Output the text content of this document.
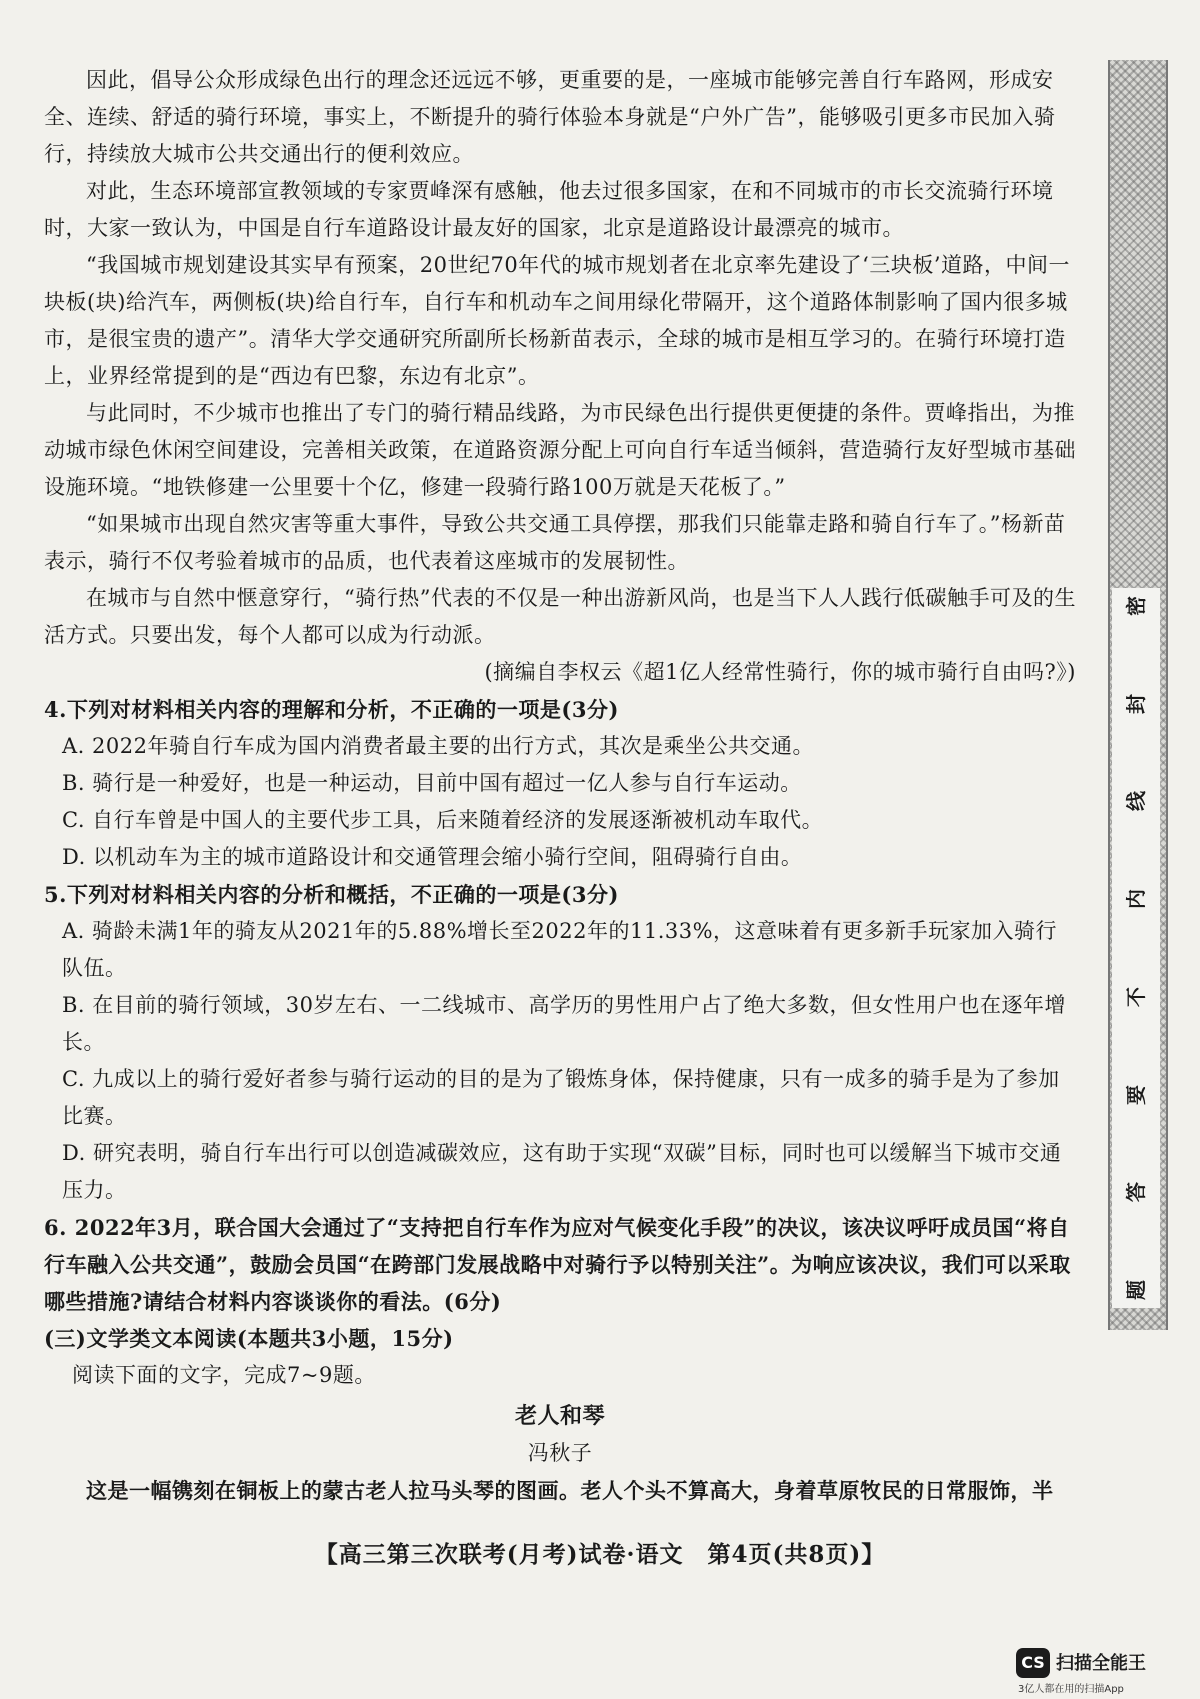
因此，倡导公众形成绿色出行的理念还远远不够，更重要的是，一座城市能够完善自行车路网，形成安全、连续、舒适的骑行环境，事实上，不断提升的骑行体验本身就是“户外广告”，能够吸引更多市民加入骑行，持续放大城市公共交通出行的便利效应。

对此，生态环境部宣教领域的专家贾峰深有感触，他去过很多国家，在和不同城市的市长交流骑行环境时，大家一致认为，中国是自行车道路设计最友好的国家，北京是道路设计最漂亮的城市。

“我国城市规划建设其实早有预案，20世纪70年代的城市规划者在北京率先建设了‘三块板’道路，中间一块板(块)给汽车，两侧板(块)给自行车，自行车和机动车之间用绿化带隔开，这个道路体制影响了国内很多城市，是很宝贵的遗产”。清华大学交通研究所副所长杨新苗表示，全球的城市是相互学习的。在骑行环境打造上，业界经常提到的是“西边有巴黎，东边有北京”。

与此同时，不少城市也推出了专门的骑行精品线路，为市民绿色出行提供更便捷的条件。贾峰指出，为推动城市绿色休闲空间建设，完善相关政策，在道路资源分配上可向自行车适当倾斜，营造骑行友好型城市基础设施环境。“地铁修建一公里要十个亿，修建一段骑行路100万就是天花板了。”

“如果城市出现自然灾害等重大事件，导致公共交通工具停摆，那我们只能靠走路和骑自行车了。”杨新苗表示，骑行不仅考验着城市的品质，也代表着这座城市的发展韧性。

在城市与自然中惬意穿行，“骑行热”代表的不仅是一种出游新风尚，也是当下人人践行低碳触手可及的生活方式。只要出发，每个人都可以成为行动派。

(摘编自李权云《超1亿人经常性骑行，你的城市骑行自由吗?》)

4.下列对材料相关内容的理解和分析，不正确的一项是(3分)

A. 2022年骑自行车成为国内消费者最主要的出行方式，其次是乘坐公共交通。

B. 骑行是一种爱好，也是一种运动，目前中国有超过一亿人参与自行车运动。

C. 自行车曾是中国人的主要代步工具，后来随着经济的发展逐渐被机动车取代。

D. 以机动车为主的城市道路设计和交通管理会缩小骑行空间，阻碍骑行自由。

5.下列对材料相关内容的分析和概括，不正确的一项是(3分)

A. 骑龄未满1年的骑友从2021年的5.88%增长至2022年的11.33%，这意味着有更多新手玩家加入骑行队伍。

B. 在目前的骑行领域，30岁左右、一二线城市、高学历的男性用户占了绝大多数，但女性用户也在逐年增长。

C. 九成以上的骑行爱好者参与骑行运动的目的是为了锻炼身体，保持健康，只有一成多的骑手是为了参加比赛。

D. 研究表明，骑自行车出行可以创造减碳效应，这有助于实现“双碳”目标，同时也可以缓解当下城市交通压力。

6. 2022年3月，联合国大会通过了“支持把自行车作为应对气候变化手段”的决议，该决议呼吁成员国“将自行车融入公共交通”，鼓励会员国“在跨部门发展战略中对骑行予以特别关注”。为响应该决议，我们可以采取哪些措施?请结合材料内容谈谈你的看法。(6分)

(三)文学类文本阅读(本题共3小题，15分)

阅读下面的文字，完成7~9题。

老人和琴

冯秋子

这是一幅镌刻在铜板上的蒙古老人拉马头琴的图画。老人个头不算高大，身着草原牧民的日常服饰，半

【高三第三次联考(月考)试卷·语文　第4页(共8页)】
密
封
线
内
不
要
答
题
CS 扫描全能王
3亿人都在用的扫描App
